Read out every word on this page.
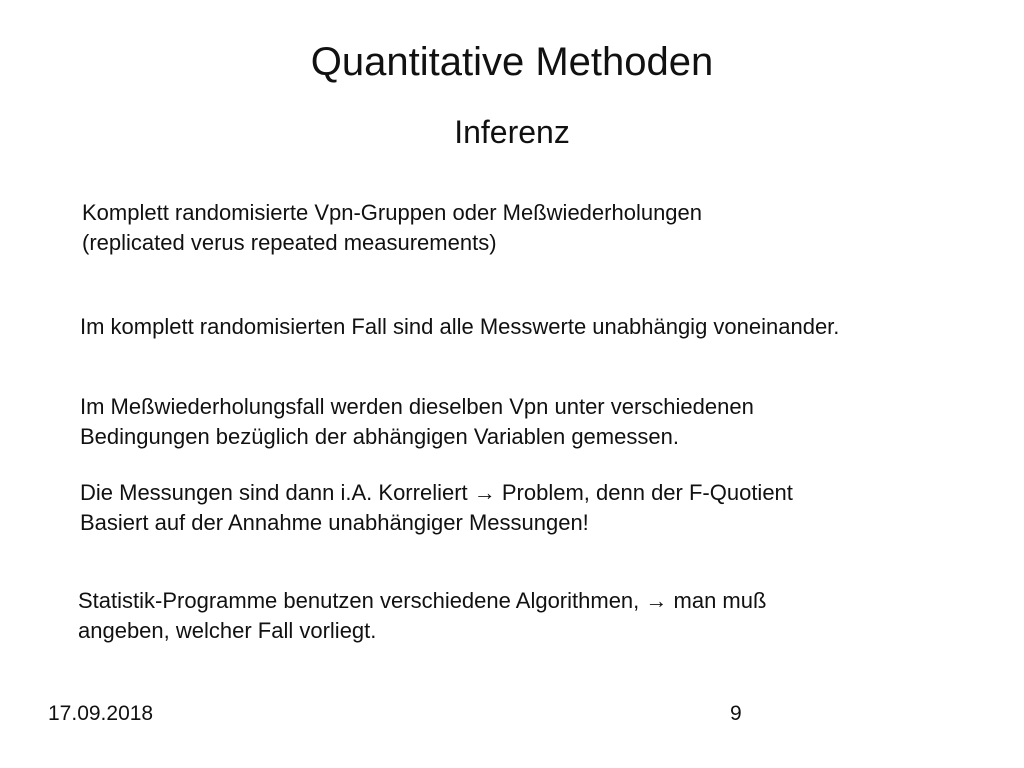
Quantitative Methoden
Inferenz

Komplett randomisierte Vpn-Gruppen oder Meßwiederholungen
(replicated verus repeated measurements)

Im komplett randomisierten Fall sind alle Messwerte unabhängig voneinander.

Im Meßwiederholungsfall werden dieselben Vpn unter verschiedenen
Bedingungen bezüglich der abhängigen Variablen gemessen.

Die Messungen sind dann i.A. Korreliert → Problem, denn der F-Quotient
Basiert auf der Annahme unabhängiger Messungen!

Statistik-Programme benutzen verschiedene Algorithmen, → man muß
angeben, welcher Fall vorliegt.

17.09.2018	9
